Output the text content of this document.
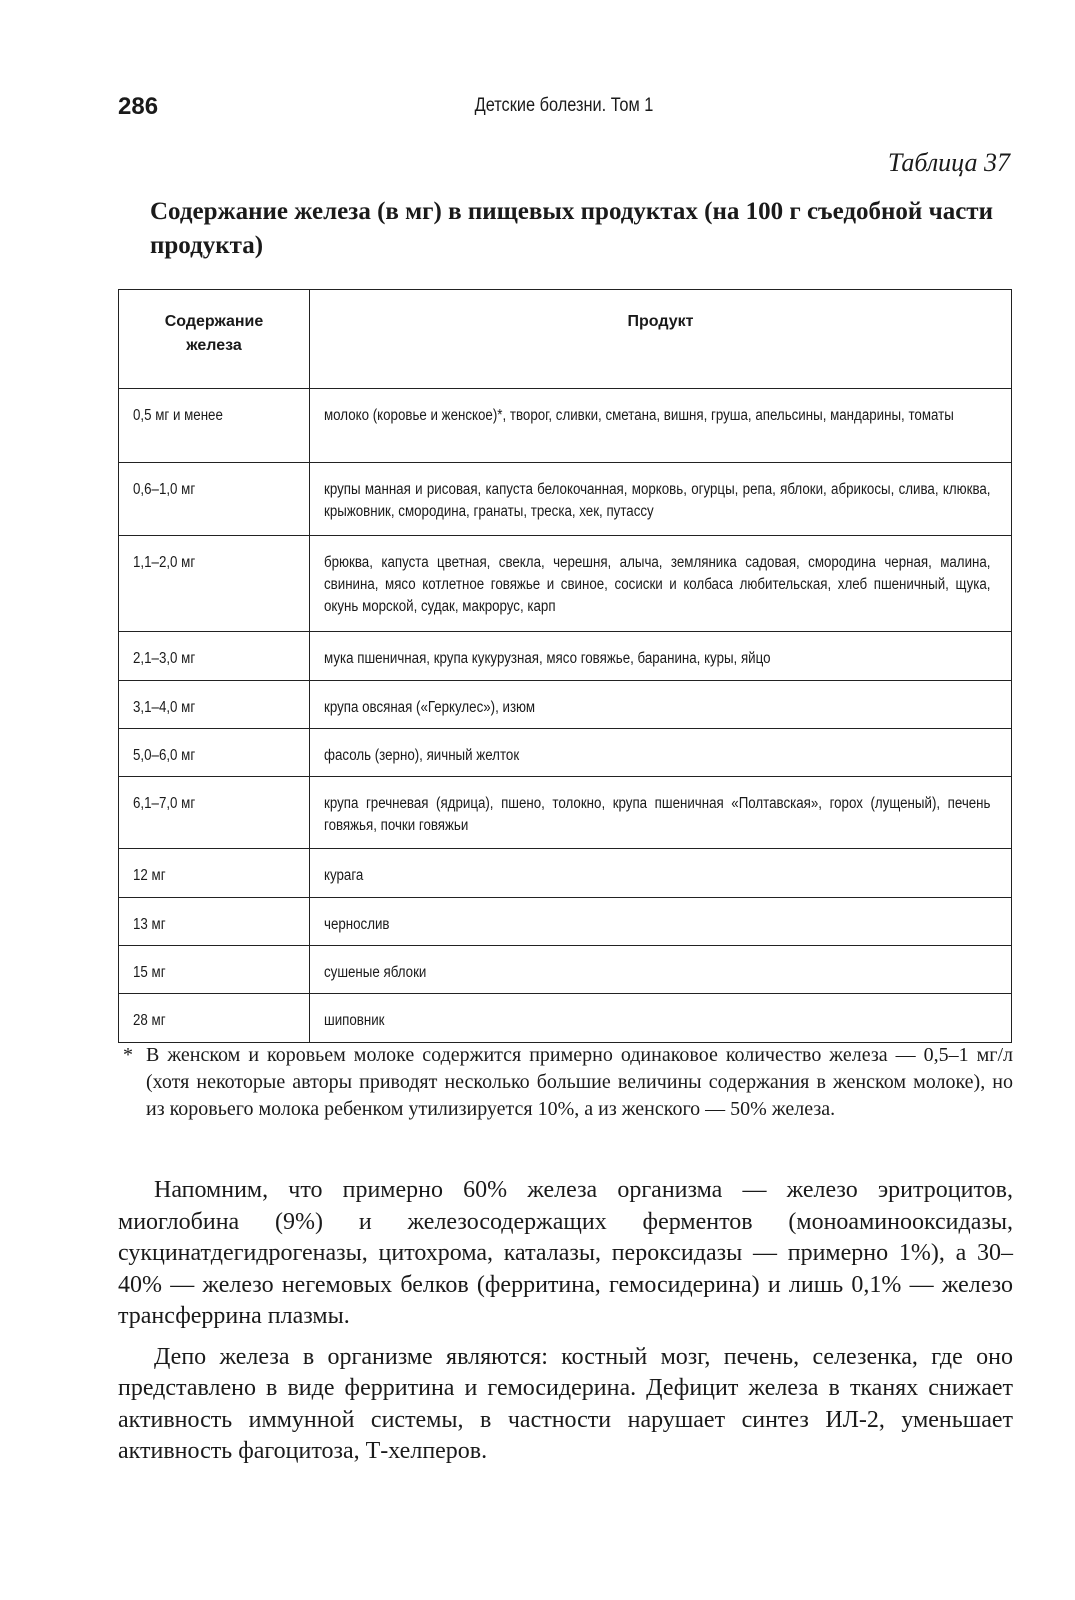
286	Детские болезни. Том 1
Таблица 37
Содержание железа (в мг) в пищевых продуктах (на 100 г съедобной части продукта)
Содержание железа	Продукт
0,5 мг и менее	молоко (коровье и женское)*, творог, сливки, сметана, вишня, груша, апельсины, мандарины, томаты

0,6–1,0 мг	крупы манная и рисовая, капуста белокочанная, морковь, огурцы, репа, яблоки, абрикосы, слива, клюква, крыжовник, смородина, гранаты, треска, хек, путассу

1,1–2,0 мг	брюква, капуста цветная, свекла, черешня, алыча, земляника садовая, смородина черная, малина, свинина, мясо котлетное говяжье и свиное, сосиски и колбаса любительская, хлеб пшеничный, щука, окунь морской, судак, макрорус, карп

2,1–3,0 мг	мука пшеничная, крупа кукурузная, мясо говяжье, баранина, куры, яйцо

3,1–4,0 мг	крупа овсяная («Геркулес»), изюм

5,0–6,0 мг	фасоль (зерно), яичный желток

6,1–7,0 мг	крупа гречневая (ядрица), пшено, толокно, крупа пшеничная «Полтавская», горох (лущеный), печень говяжья, почки говяжьи

12 мг	курага

13 мг	чернослив

15 мг	сушеные яблоки

28 мг	шиповник
* В женском и коровьем молоке содержится примерно одинаковое количество железа — 0,5–1 мг/л (хотя некоторые авторы приводят несколько большие величины содержания в женском молоке), но из коровьего молока ребенком утилизируется 10%, а из женского — 50% железа.

Напомним, что примерно 60% железа организма — железо эритроцитов, миоглобина (9%) и железосодержащих ферментов (моноаминооксидазы, сукцинатдегидрогеназы, цитохрома, каталазы, пероксидазы — примерно 1%), а 30–40% — железо негемовых белков (ферритина, гемосидерина) и лишь 0,1% — железо трансферрина плазмы.

Депо железа в организме являются: костный мозг, печень, селезенка, где оно представлено в виде ферритина и гемосидерина. Дефицит железа в тканях снижает активность иммунной системы, в частности нарушает синтез ИЛ-2, уменьшает активность фагоцитоза, Т-хелперов.
